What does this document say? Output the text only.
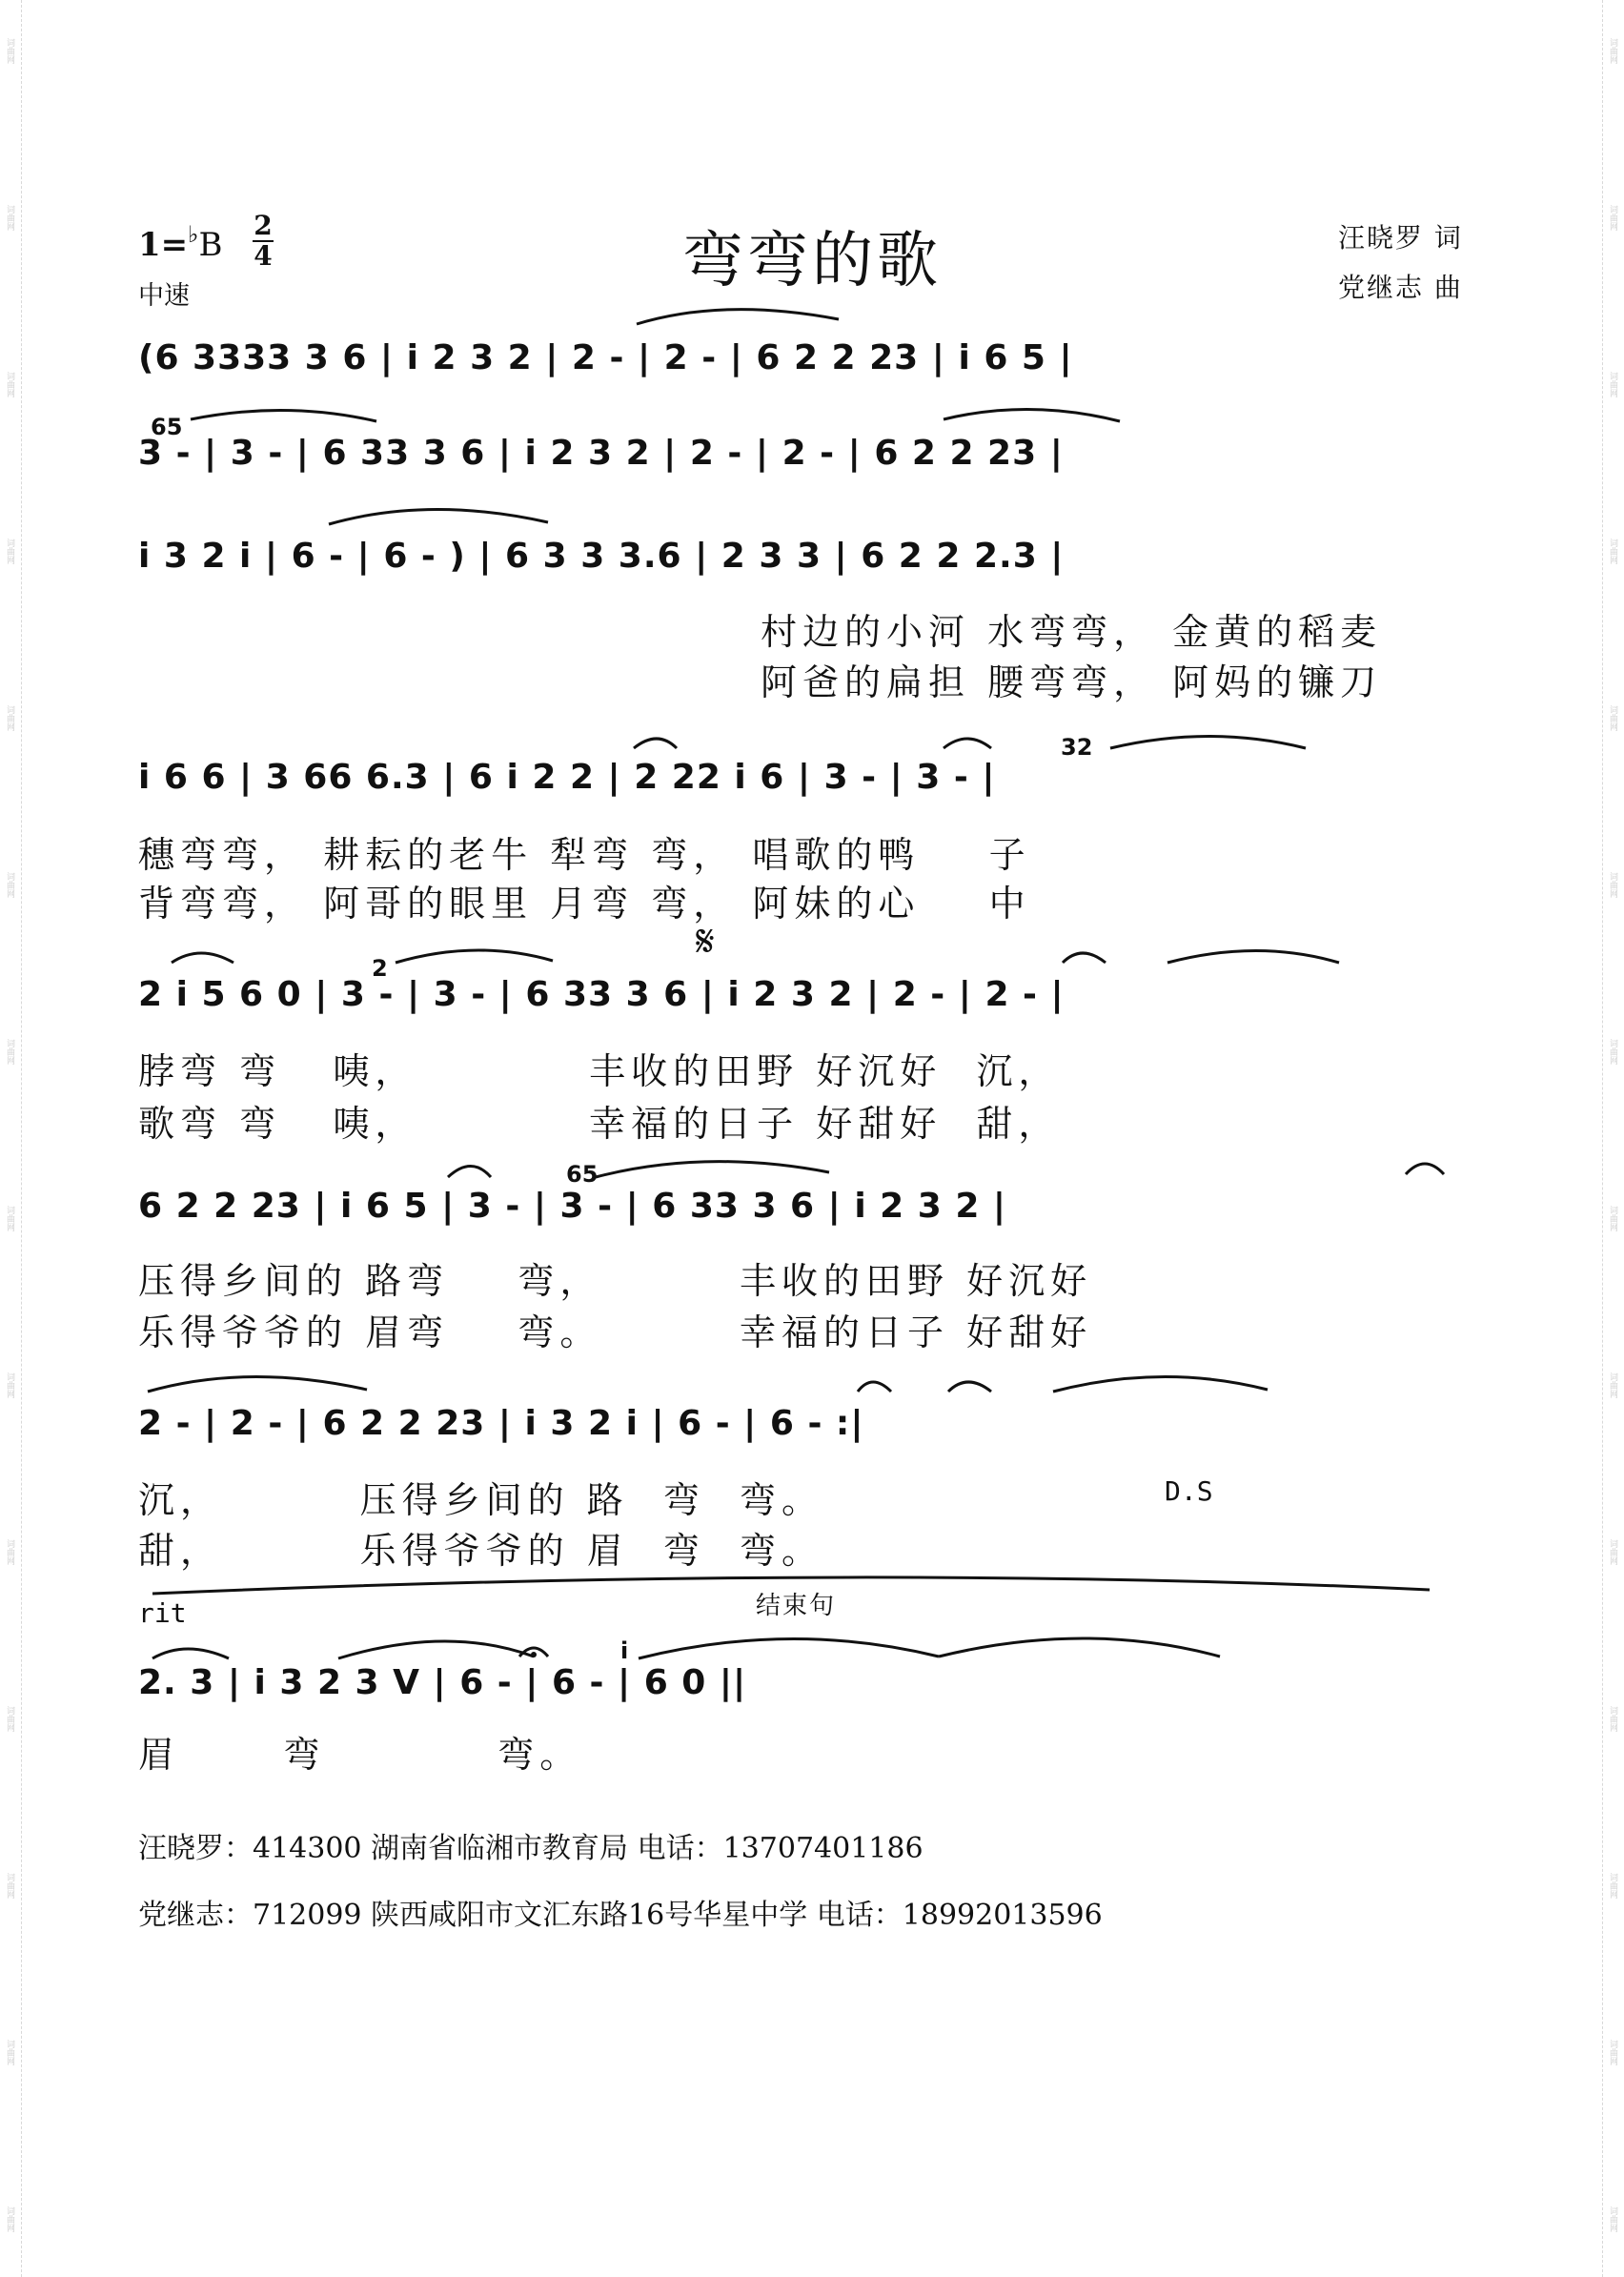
词曲网
词曲网
词曲网
词曲网
词曲网
词曲网
词曲网
词曲网
词曲网
词曲网
词曲网
词曲网
词曲网
词曲网
词曲网
词曲网
词曲网
词曲网
词曲网
词曲网
词曲网
词曲网
词曲网
词曲网
词曲网
词曲网
词曲网
词曲网
弯弯的歌
1=♭B
2
4
中速
汪晓罗 词
党继志 曲
(6 3333 3 6 | i 2 3 2 | 2 - | 2 - | 6 2 2 23 | i 6 5 |
3 - | 3 - | 6 33 3 6 | i 2 3 2 | 2 - | 2 - | 6 2 2 23 |
i 3 2 i | 6 - | 6 - ) | 6 3 3 3.6 | 2 3 3 | 6 2 2 2.3 |
i 6 6 | 3 66 6.3 | 6 i 2 2 | 2 22 i 6 | 3 - | 3 - |
2 i 5 6 0 | 3 - | 3 - | 6 33 3 6 | i 2 3 2 | 2 - | 2 - |
6 2 2 23 | i 6 5 | 3 - | 3 - | 6 33 3 6 | i 2 3 2 |
2 - | 2 - | 6 2 2 23 | i 3 2 i | 6 - | 6 - :|
2. 3 | i 3 2 3 V | 6 - | 6 - | 6 0 ||
65
32
2
65
i
𝄋
村边的小河 水弯弯， 金黄的稻麦
阿爸的扁担 腰弯弯， 阿妈的镰刀
穗弯弯， 耕耘的老牛 犁弯 弯， 唱歌的鸭    子
背弯弯， 阿哥的眼里 月弯 弯， 阿妹的心    中
脖弯 弯   咦，          丰收的田野 好沉好  沉，
歌弯 弯   咦，          幸福的日子 好甜好  甜，
压得乡间的 路弯    弯，        丰收的田野 好沉好
乐得爷爷的 眉弯    弯。        幸福的日子 好甜好
沉，        压得乡间的 路  弯  弯。
甜，        乐得爷爷的 眉  弯  弯。
眉      弯          弯。
D.S
rit	结束句
汪晓罗：414300 湖南省临湘市教育局 电话：13707401186
党继志：712099 陕西咸阳市文汇东路16号华星中学 电话：18992013596
